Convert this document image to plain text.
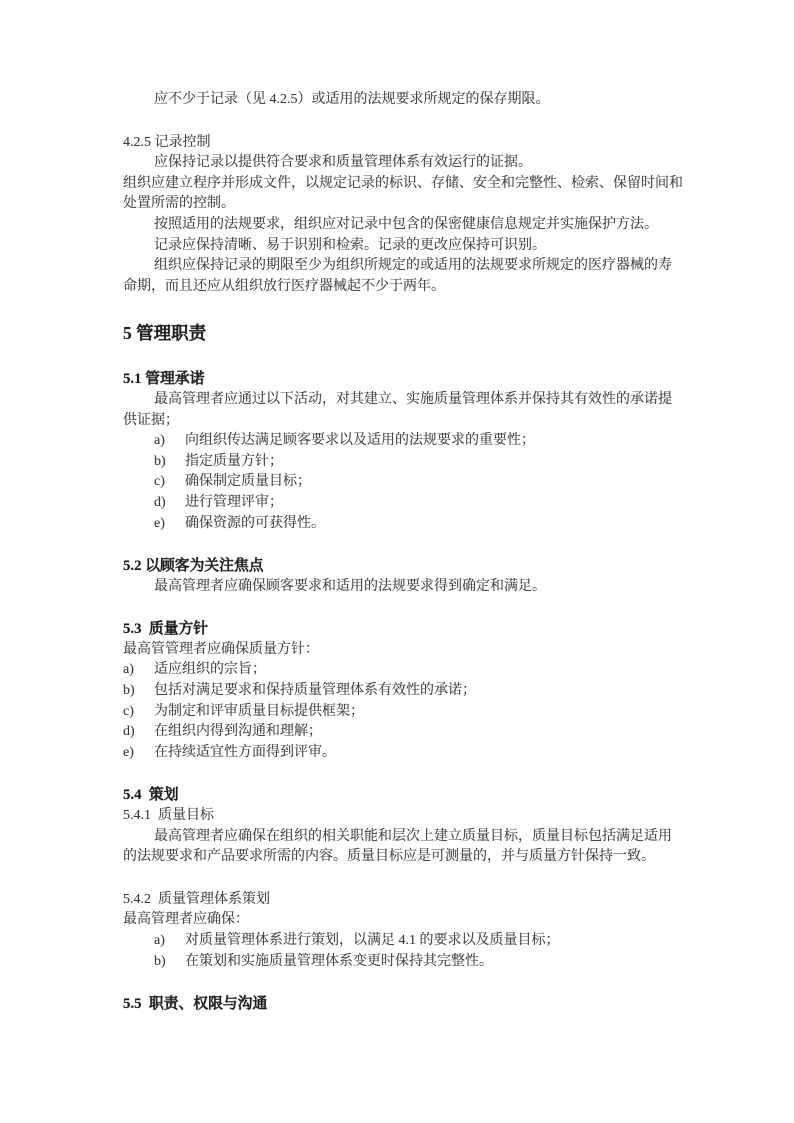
应不少于记录（见 4.2.5）或适用的法规要求所规定的保存期限。
4.2.5 记录控制
应保持记录以提供符合要求和质量管理体系有效运行的证据。
组织应建立程序并形成文件，以规定记录的标识、存储、安全和完整性、检索、保留时间和
处置所需的控制。
按照适用的法规要求，组织应对记录中包含的保密健康信息规定并实施保护方法。
记录应保持清晰、易于识别和检索。记录的更改应保持可识别。
组织应保持记录的期限至少为组织所规定的或适用的法规要求所规定的医疗器械的寿
命期，而且还应从组织放行医疗器械起不少于两年。
5 管理职责
5.1 管理承诺
最高管理者应通过以下活动，对其建立、实施质量管理体系并保持其有效性的承诺提
供证据；
a)	向组织传达满足顾客要求以及适用的法规要求的重要性；
b)	指定质量方针；
c)	确保制定质量目标；
d)	进行管理评审；
e)	确保资源的可获得性。
5.2 以顾客为关注焦点
最高管理者应确保顾客要求和适用的法规要求得到确定和满足。
5.3  质量方针
最高管管理者应确保质量方针：
a)	适应组织的宗旨；
b)	包括对满足要求和保持质量管理体系有效性的承诺；
c)	为制定和评审质量目标提供框架；
d)	在组织内得到沟通和理解；
e)	在持续适宜性方面得到评审。
5.4  策划
5.4.1  质量目标
最高管理者应确保在组织的相关职能和层次上建立质量目标，质量目标包括满足适用
的法规要求和产品要求所需的内容。质量目标应是可测量的，并与质量方针保持一致。
5.4.2  质量管理体系策划
最高管理者应确保：
a)	对质量管理体系进行策划，以满足 4.1 的要求以及质量目标；
b)	在策划和实施质量管理体系变更时保持其完整性。
5.5  职责、权限与沟通
